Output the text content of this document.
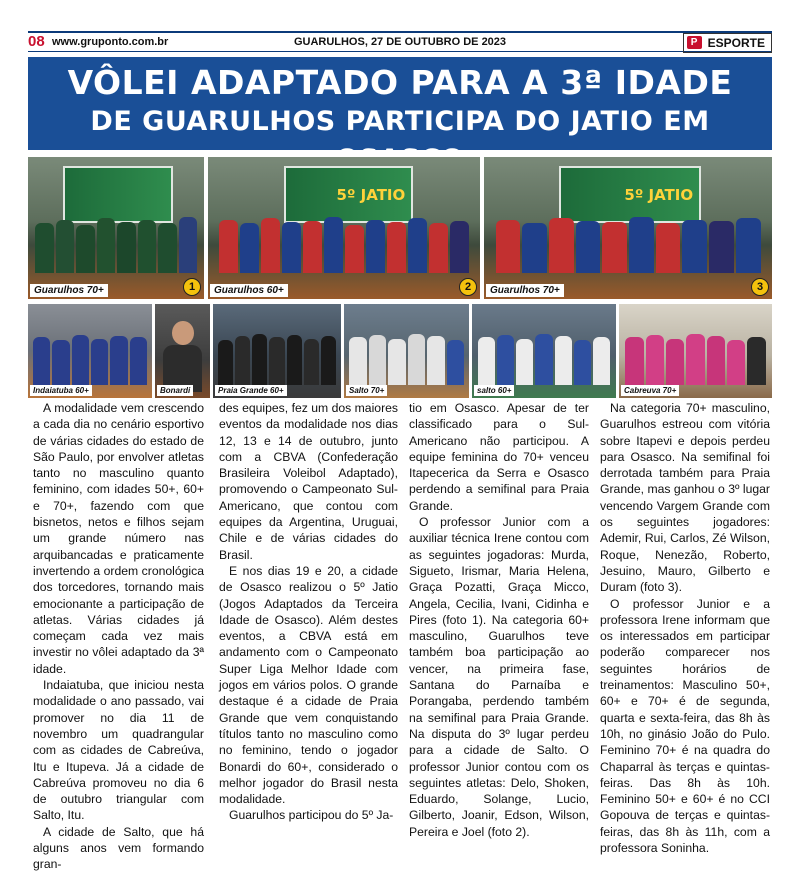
08 www.gruponto.com.br	GUARULHOS, 27 DE OUTUBRO DE 2023	P ESPORTE
VÔLEI ADAPTADO PARA A 3ª IDADE
DE GUARULHOS PARTICIPA DO JATIO EM
Guarulhos 70+	1
5º JATIO
Guarulhos 60+	2
5º JATIO
Guarulhos 70+	3
Indaiatuba 60+	Bonardi	Praia Grande 60+	Salto 70+	salto 60+	Cabreuva 70+

A modalidade vem crescendo a cada dia no cenário esportivo de várias cidades do estado de São Paulo, por envolver atletas tanto no masculino quanto feminino, com idades 50+, 60+ e 70+, fazendo com que bisnetos, netos e filhos sejam um grande número nas arquibancadas e praticamente invertendo a ordem cronológica dos torcedores, tornando mais emocionante a participação de atletas. Várias cidades já começam cada vez mais investir no vôlei adaptado da 3ª idade.

Indaiatuba, que iniciou nesta modalidade o ano passado, vai promover no dia 11 de novembro um quadrangular com as cidades de Cabreúva, Itu e Itupeva. Já a cidade de Cabreúva promoveu no dia 6 de outubro triangular com Salto, Itu.

A cidade de Salto, que há alguns anos vem formando gran-

des equipes, fez um dos maiores eventos da modalidade nos dias 12, 13 e 14 de outubro, junto com a CBVA (Confederação Brasileira Voleibol Adaptado), promovendo o Campeonato Sul-Americano, que contou com equipes da Argentina, Uruguai, Chile e de várias cidades do Brasil.

E nos dias 19 e 20, a cidade de Osasco realizou o 5º Jatio (Jogos Adaptados da Terceira Idade de Osasco). Além destes eventos, a CBVA está em andamento com o Campeonato Super Liga Melhor Idade com jogos em vários polos. O grande destaque é a cidade de Praia Grande que vem conquistando títulos tanto no masculino como no feminino, tendo o jogador Bonardi do 60+, considerado o melhor jogador do Brasil nesta modalidade.

Guarulhos participou do 5º Ja-

tio em Osasco. Apesar de ter classificado para o Sul-Americano não participou. A equipe feminina do 70+ venceu Itapecerica da Serra e Osasco perdendo a semifinal para Praia Grande.

O professor Junior com a auxiliar técnica Irene contou com as seguintes jogadoras: Murda, Sigueto, Irismar, Maria Helena, Graça Pozatti, Graça Micco, Angela, Cecilia, Ivani, Cidinha e Pires (foto 1). Na categoria 60+ masculino, Guarulhos teve também boa participação ao vencer, na primeira fase, Santana do Parnaíba e Porangaba, perdendo também na semifinal para Praia Grande. Na disputa do 3º lugar perdeu para a cidade de Salto. O professor Junior contou com os seguintes atletas: Delo, Shoken, Eduardo, Solange, Lucio, Gilberto, Joanir, Edson, Wilson, Pereira e Joel (foto 2).

Na categoria 70+ masculino, Guarulhos estreou com vitória sobre Itapevi e depois perdeu para Osasco. Na semifinal foi derrotada também para Praia Grande, mas ganhou o 3º lugar vencendo Vargem Grande com os seguintes jogadores: Ademir, Rui, Carlos, Zé Wilson, Roque, Nenezão, Roberto, Jesuino, Mauro, Gilberto e Duram (foto 3).

O professor Junior e a professora Irene informam que os interessados em participar poderão comparecer nos seguintes horários de treinamentos: Masculino 50+, 60+ e 70+ é de segunda, quarta e sexta-feira, das 8h às 10h, no ginásio João do Pulo. Feminino 70+ é na quadra do Chaparral às terças e quintas-feiras. Das 8h às 10h. Feminino 50+ e 60+ é no CCI Gopouva de terças e quintas-feiras, das 8h às 11h, com a professora Soninha.
